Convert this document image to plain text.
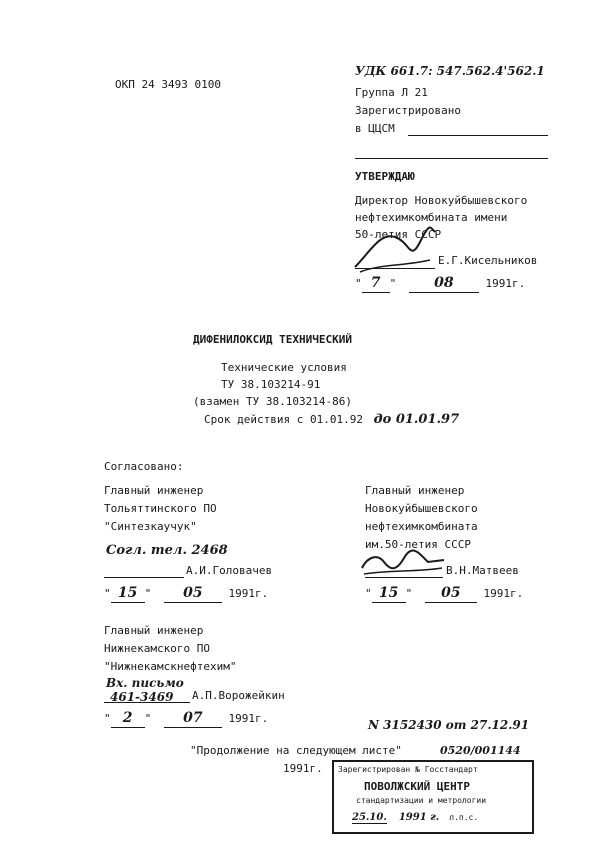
ОКП 24 3493 0100
УДК 661.7: 547.562.4'562.1
Группа Л 21
Зарегистрировано
в ЦЦСМ
УТВЕРЖДАЮ
Директор Новокуйбышевского
нефтехимкомбината имени
50-летия СССР
Е.Г.Кисельников
" 7 "	08	1991г.
ДИФЕНИЛОКСИД ТЕХНИЧЕСКИЙ
Технические условия
ТУ 38.103214-91
(взамен ТУ 38.103214-86)
Срок действия с 01.01.92 до 01.01.97
Согласовано:
Главный инженер
Тольяттинского ПО
"Синтезкаучук"
Согл. тел. 2468
А.И.Головачев
" 15 " 05 1991г.
Главный инженер
Новокуйбышевского
нефтехимкомбината
им.50-летия СССР
В.Н.Матвеев
" 15 " 05 1991г.
Главный инженер
Нижнекамского ПО
"Нижнекамскнефтехим"
Вх. письмо
461-3469 А.П.Ворожейкин
" 2 " 07 1991г.	N 3152430 от 27.12.91
"Продолжение на следующем листе"
1991г.
0520/001144
Зарегистрирован № Госстандарт
ПОВОЛЖСКИЙ ЦЕНТР
стандартизации и метрологии
25.10. 1991 г. л.п.с.
